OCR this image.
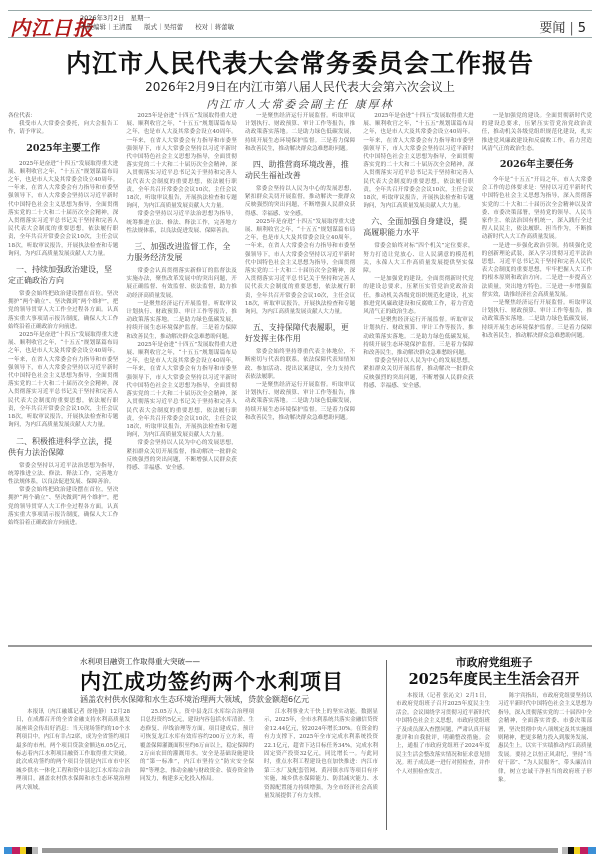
内江日报
2026年3月2日 星期一
本版编辑｜王清霞 版式｜吴绍蕾 校对｜蒋蕾敏	要闻 | 5
内江市人民代表大会常务委员会工作报告
2026年2月9日在内江市第八届人民代表大会第六次会议上
内江市人大常委会副主任 康厚林

各位代表：

我受市人大常委会委托，向大会报告工作，请予审议。

2025年主要工作

2025年是奋进“十四五”发展取得重大进展、顺利收官之年，“十五五”规划谋篇布局之年，也是市人大及其常委会设立40周年。一年来，在省人大常委会有力指导和市委坚强领导下，市人大常委会坚持以习近平新时代中国特色社会主义思想为指导，全面贯彻落实党的二十大和二十届历次全会精神，深入贯彻落实习近平总书记关于坚持和完善人民代表大会制度的重要思想，依法履行职责，全年共召开常委会会议10次，主任会议18次，听取审议报告，开展执法检查和专题询问，为内江高质量发展贡献人大力量。

一、持续加强政治建设，坚定正确政治方向

常委会始终把政治建设摆在首位，坚决拥护“两个确立”、坚决做到“两个维护”，把党的领导贯穿人大工作全过程各方面。认真落实重大事项请示报告制度，确保人大工作始终沿着正确政治方向前进。

2025年是奋进“十四五”发展取得重大进展、顺利收官之年，“十五五”规划谋篇布局之年，也是市人大及其常委会设立40周年。一年来，在省人大常委会有力指导和市委坚强领导下，市人大常委会坚持以习近平新时代中国特色社会主义思想为指导，全面贯彻落实党的二十大和二十届历次全会精神，深入贯彻落实习近平总书记关于坚持和完善人民代表大会制度的重要思想，依法履行职责，全年共召开常委会会议10次，主任会议18次，听取审议报告，开展执法检查和专题询问，为内江高质量发展贡献人大力量。

二、积极推进科学立法，提供有力法治保障

常委会坚持以习近平法治思想为指导，统筹推进立法、修法、释法工作，完善地方性法规体系，以良法促进发展、保障善治。

常委会始终把政治建设摆在首位，坚决拥护“两个确立”、坚决做到“两个维护”，把党的领导贯穿人大工作全过程各方面。认真落实重大事项请示报告制度，确保人大工作始终沿着正确政治方向前进。

2025年是奋进“十四五”发展取得重大进展、顺利收官之年，“十五五”规划谋篇布局之年，也是市人大及其常委会设立40周年。一年来，在省人大常委会有力指导和市委坚强领导下，市人大常委会坚持以习近平新时代中国特色社会主义思想为指导，全面贯彻落实党的二十大和二十届历次全会精神，深入贯彻落实习近平总书记关于坚持和完善人民代表大会制度的重要思想，依法履行职责，全年共召开常委会会议10次，主任会议18次，听取审议报告，开展执法检查和专题询问，为内江高质量发展贡献人大力量。

常委会坚持以习近平法治思想为指导，统筹推进立法、修法、释法工作，完善地方性法规体系，以良法促进发展、保障善治。

三、加强改进监督工作，全力服务经济发展

常委会认真贯彻落实新修订的监督法及实施办法，聚焦改革发展中的突出问题，开展正确监督、有效监督、依法监督，助力推动经济高质量发展。

一是聚焦经济运行开展监督。听取审议计划执行、财政预算、审计工作等报告，推动政策落实落地。二是助力绿色低碳发展，持续开展生态环境保护监督。三是着力保障和改善民生，推动解决群众急难愁盼问题。

2025年是奋进“十四五”发展取得重大进展、顺利收官之年，“十五五”规划谋篇布局之年，也是市人大及其常委会设立40周年。一年来，在省人大常委会有力指导和市委坚强领导下，市人大常委会坚持以习近平新时代中国特色社会主义思想为指导，全面贯彻落实党的二十大和二十届历次全会精神，深入贯彻落实习近平总书记关于坚持和完善人民代表大会制度的重要思想，依法履行职责，全年共召开常委会会议10次，主任会议18次，听取审议报告，开展执法检查和专题询问，为内江高质量发展贡献人大力量。

常委会坚持以人民为中心的发展思想，紧扣群众关切开展监督，推动解决一批群众反映强烈的突出问题，不断增强人民群众获得感、幸福感、安全感。

一是聚焦经济运行开展监督。听取审议计划执行、财政预算、审计工作等报告，推动政策落实落地。二是助力绿色低碳发展，持续开展生态环境保护监督。三是着力保障和改善民生，推动解决群众急难愁盼问题。

四、助推营商环境改善，推动民生福祉改善

常委会坚持以人民为中心的发展思想，紧扣群众关切开展监督，推动解决一批群众反映强烈的突出问题，不断增强人民群众获得感、幸福感、安全感。

2025年是奋进“十四五”发展取得重大进展、顺利收官之年，“十五五”规划谋篇布局之年，也是市人大及其常委会设立40周年。一年来，在省人大常委会有力指导和市委坚强领导下，市人大常委会坚持以习近平新时代中国特色社会主义思想为指导，全面贯彻落实党的二十大和二十届历次全会精神，深入贯彻落实习近平总书记关于坚持和完善人民代表大会制度的重要思想，依法履行职责，全年共召开常委会会议10次，主任会议18次，听取审议报告，开展执法检查和专题询问，为内江高质量发展贡献人大力量。

五、支持保障代表履职，更好发挥主体作用

常委会始终坚持尊重代表主体地位，不断密切与代表的联系，依法保障代表知情知政、参加活动、提出议案建议，全力支持代表依法履职。

一是聚焦经济运行开展监督。听取审议计划执行、财政预算、审计工作等报告，推动政策落实落地。二是助力绿色低碳发展，持续开展生态环境保护监督。三是着力保障和改善民生，推动解决群众急难愁盼问题。

2025年是奋进“十四五”发展取得重大进展、顺利收官之年，“十五五”规划谋篇布局之年，也是市人大及其常委会设立40周年。一年来，在省人大常委会有力指导和市委坚强领导下，市人大常委会坚持以习近平新时代中国特色社会主义思想为指导，全面贯彻落实党的二十大和二十届历次全会精神，深入贯彻落实习近平总书记关于坚持和完善人民代表大会制度的重要思想，依法履行职责，全年共召开常委会会议10次，主任会议18次，听取审议报告，开展执法检查和专题询问，为内江高质量发展贡献人大力量。

六、全面加强自身建设，提高履职能力水平

常委会始终对标“四个机关”定位要求，努力打造让党放心、让人民满意的模范机关，永葆人大工作高质量发展提供坚实保障。

一是加强党的建设。全面贯彻新时代党的建设总要求，压紧压实管党治党政治责任，推动机关各级党组织规范化建设，扎实推进党风廉政建设和反腐败工作，着力营造风清气正的政治生态。

一是聚焦经济运行开展监督。听取审议计划执行、财政预算、审计工作等报告，推动政策落实落地。二是助力绿色低碳发展，持续开展生态环境保护监督。三是着力保障和改善民生，推动解决群众急难愁盼问题。

常委会坚持以人民为中心的发展思想，紧扣群众关切开展监督，推动解决一批群众反映强烈的突出问题，不断增强人民群众获得感、幸福感、安全感。

一是加强党的建设。全面贯彻新时代党的建设总要求，压紧压实管党治党政治责任，推动机关各级党组织规范化建设，扎实推进党风廉政建设和反腐败工作，着力营造风清气正的政治生态。

2026年主要任务

今年是“十五五”开局之年。市人大常委会工作的总体要求是：坚持以习近平新时代中国特色社会主义思想为指导，深入贯彻落实党的二十大和二十届历次全会精神以及省委、市委决策部署，坚持党的领导、人民当家作主、依法治国有机统一，深入践行全过程人民民主，依法履职、担当作为，不断推动新时代人大工作高质量发展。

一是进一步强化政治引领。持续强化党的创新理论武装，深入学习贯彻习近平法治思想、习近平总书记关于坚持和完善人民代表大会制度的重要思想，牢牢把握人大工作的根本原则和政治方向。二是进一步提高立法质量，突出地方特色。三是进一步增强监督实效，助推经济社会高质量发展。

一是聚焦经济运行开展监督。听取审议计划执行、财政预算、审计工作等报告，推动政策落实落地。二是助力绿色低碳发展，持续开展生态环境保护监督。三是着力保障和改善民生，推动解决群众急难愁盼问题。

水利项目融资工作取得重大突破——
内江成功签约两个水利项目
涵盖农村供水保障和水生态环境治理两大领域，贷款金额超6亿元

本报讯（内江融媒记者 徐艳静）12月28日，在成都召开的全省金融支持水利高质量发展座谈会传出好消息：当天现场签约的10个水利项目中，内江有幸占2席，成为全省签约项目最多的市州。两个项目贷款金额达6.05亿元，标志着内江水利项目融资工作取得重大突破。此次成功签约的两个项目分别是内江市市中区城乡供水一体化工程和资中县沱江水库综合治理项目，涵盖农村供水保障和水生态环境治理两大领域。

25.05万人。资中县龙江水库综合治理项目总投资约5亿元，建设内容包括水库清淤、生态修复、岸线治理等方面。项目建成后，预计可恢复龙江水库有效库容约200万立方米，将覆盖保障灌溉面积至约6万亩以上，稳定保障约2万亩农田的灌溉用水。安全是基础设施建设的“第一标准”，内江市坚持立“防灾安全保障”等理念，推动金融与财政资金、债券资金协同发力，构建多元化投入格局。

江水利事业大干快上的坚实动能。数据显示，2025年，全市水利系统共落实金融信贷资金12.44亿元，较2024年增长30%。在资金的有力支撑下，2025年全市完成水利系统投资22.1亿元，超省下达目标任务34%，完成水利固定资产投资32亿元，同比增长一。与此同时，重点水利工程建设也在加快推进：内江市第三水厂及配套管网、黄河镇水库等项目有序实施，城乡供水保障能力、防洪减灾能力、水资源配置能力持续增强，为全市经济社会高质量发展提供了有力支撑。

市政府党组班子
2025年度民主生活会召开

本报讯（记者 张沁文）2月1日，市政府党组班子召开2025年度民主生活会。会议围绕学习贯彻习近平新时代中国特色社会主义思想，市政府党组班子及成员深入查摆问题，严肃认真开展批评和自我批评，明确整改措施。会上，通报了市政府党组班子2024年度民主生活会整改落实情况和征求意见情况。班子成员逐一进行对照检查，并作个人对照检查发言。

陈宇宾指出，市政府党组要坚持以习近平新时代中国特色社会主义思想为指导，深入贯彻落实党的二十届四中全会精神，全面落实省委、市委决策部署，坚决贯彻中央八项规定及其实施细则精神，把更多精力投入到服务发展、惠民生上，以实干实绩推动内江高质量发展。要持之以恒正风肃纪，坚持“当好干部”、“为人民服务”，带头廉洁自律，树立忠诚干净担当的政府班子形象。
